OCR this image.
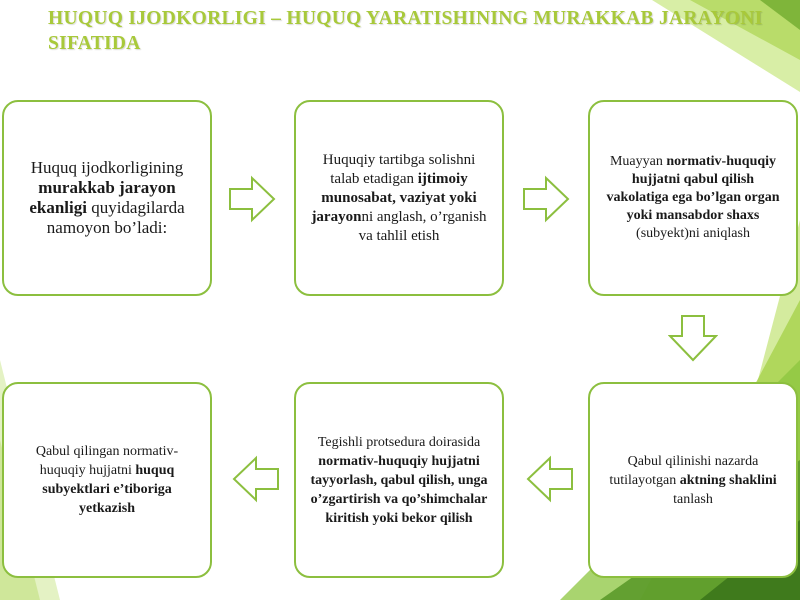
HUQUQ IJODKORLIGI – HUQUQ YARATISHINING MURAKKAB JARAYONI SIFATIDA

Huquq ijodkorligining murakkab jarayon ekanligi quyidagilarda namoyon bo’ladi:

Huquqiy tartibga solishni talab etadigan ijtimoiy munosabat, vaziyat yoki jarayonni anglash, o’rganish va tahlil etish

Muayyan normativ-huquqiy hujjatni qabul qilish vakolatiga ega bo’lgan organ yoki mansabdor shaxs (subyekt)ni aniqlash

Qabul qilingan normativ-huquqiy hujjatni huquq subyektlari e’tiboriga yetkazish

Tegishli protsedura doirasida normativ-huquqiy hujjatni tayyorlash, qabul qilish, unga o’zgartirish va qo’shimchalar kiritish yoki bekor qilish

Qabul qilinishi nazarda tutilayotgan aktning shaklini tanlash
